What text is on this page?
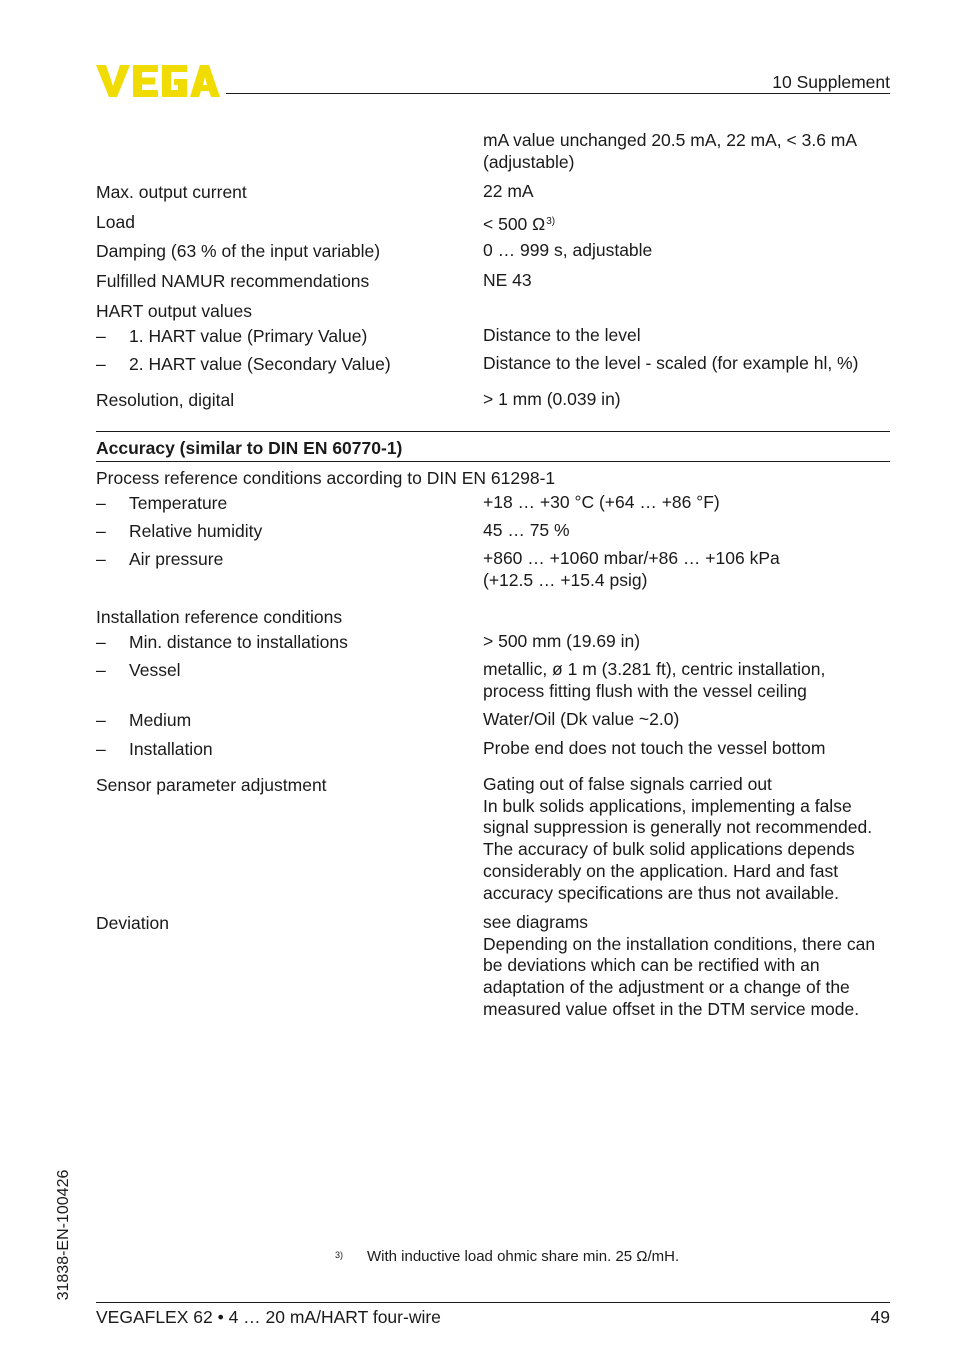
10 Supplement
mA value unchanged 20.5 mA, 22 mA, < 3.6 mA (adjustable)
Max. output current	22 mA
Load	< 500 Ω$^{3)}$
Damping (63 % of the input variable)	0 … 999 s, adjustable
Fulfilled NAMUR recommendations	NE 43
HART output values
– 1. HART value (Primary Value)	Distance to the level
– 2. HART value (Secondary Value)	Distance to the level - scaled (for example hl, %)
Resolution, digital	> 1 mm (0.039 in)
Accuracy (similar to DIN EN 60770-1)
Process reference conditions according to DIN EN 61298-1
– Temperature	+18 … +30 °C (+64 … +86 °F)
– Relative humidity	45 … 75 %
– Air pressure	+860 … +1060 mbar/+86 … +106 kPa (+12.5 … +15.4 psig)
Installation reference conditions
– Min. distance to installations	> 500 mm (19.69 in)
– Vessel	metallic, ø 1 m (3.281 ft), centric installation, process fitting flush with the vessel ceiling
– Medium	Water/Oil (Dk value ~2.0)
– Installation	Probe end does not touch the vessel bottom
Sensor parameter adjustment	Gating out of false signals carried out
In bulk solids applications, implementing a false signal suppression is generally not recommended. The accuracy of bulk solid applications depends considerably on the application. Hard and fast accuracy specifications are thus not available.
Deviation	see diagrams
Depending on the installation conditions, there can be deviations which can be rectified with an adaptation of the adjustment or a change of the measured value offset in the DTM service mode.
31838-EN-100426	3) With inductive load ohmic share min. 25 Ω/mH.
VEGAFLEX 62 • 4 … 20 mA/HART four-wire	49
